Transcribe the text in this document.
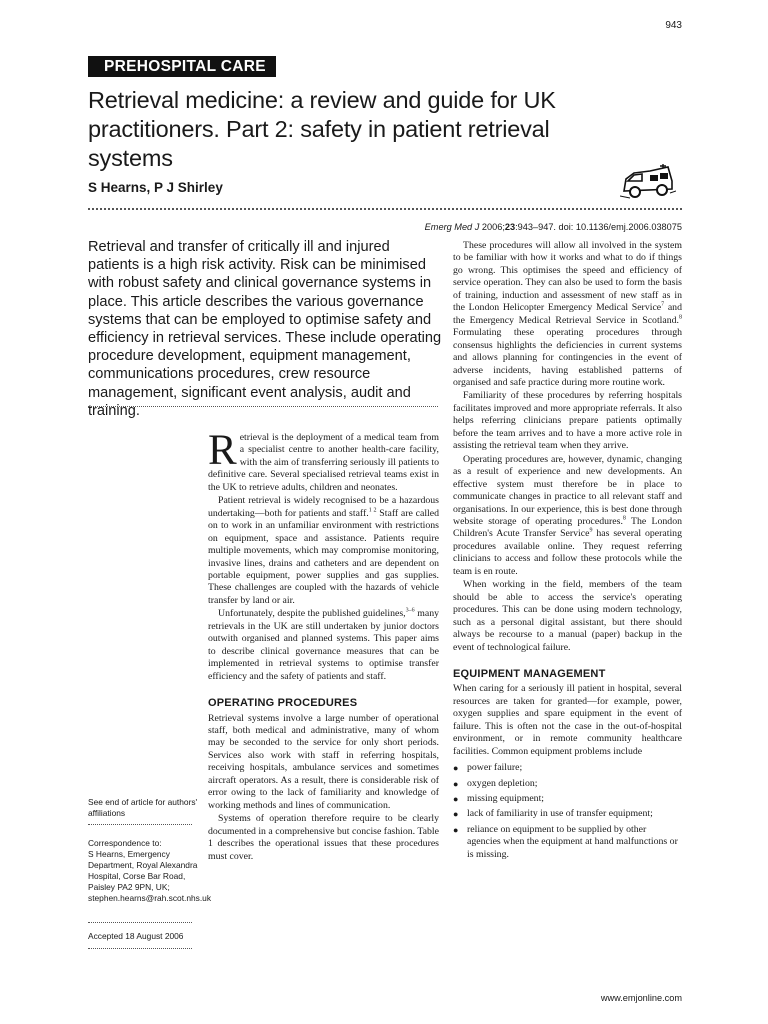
943
PREHOSPITAL CARE
Retrieval medicine: a review and guide for UK practitioners. Part 2: safety in patient retrieval systems
S Hearns, P J Shirley
Emerg Med J 2006;23:943–947. doi: 10.1136/emj.2006.038075
Retrieval and transfer of critically ill and injured patients is a high risk activity. Risk can be minimised with robust safety and clinical governance systems in place. This article describes the various governance systems that can be employed to optimise safety and efficiency in retrieval services. These include operating procedure development, equipment management, communications procedures, crew resource management, significant event analysis, audit and training.

See end of article for authors' affiliations

Correspondence to:

S Hearns, Emergency Department, Royal Alexandra Hospital, Corse Bar Road, Paisley PA2 9PN, UK;

stephen.hearns@rah.scot.nhs.uk

Accepted 18 August 2006

Retrieval is the deployment of a medical team from a specialist centre to another health-care facility, with the aim of transferring seriously ill patients to definitive care. Several specialised retrieval teams exist in the UK to retrieve adults, children and neonates.

Patient retrieval is widely recognised to be a hazardous undertaking—both for patients and staff.$^{1 2}$ Staff are called on to work in an unfamiliar environment with restrictions on equipment, space and assistance. Patients require multiple movements, which may compromise monitoring, invasive lines, drains and catheters and are dependent on portable equipment, power supplies and gas supplies. These challenges are coupled with the hazards of vehicle transfer by land or air.

Unfortunately, despite the published guidelines,$^{3-6}$ many retrievals in the UK are still undertaken by junior doctors outwith organised and planned systems. This paper aims to describe clinical governance measures that can be implemented in retrieval systems to optimise transfer efficiency and the safety of patients and staff.

OPERATING PROCEDURES

Retrieval systems involve a large number of operational staff, both medical and administrative, many of whom may be seconded to the service for only short periods. Services also work with staff in referring hospitals, receiving hospitals, ambulance services and sometimes aircraft operators. As a result, there is considerable risk of error owing to the lack of familiarity and knowledge of working methods and lines of communication.

Systems of operation therefore require to be clearly documented in a comprehensive but concise fashion. Table 1 describes the operational issues that these procedures must cover.

These procedures will allow all involved in the system to be familiar with how it works and what to do if things go wrong. This optimises the speed and efficiency of service operation. They can also be used to form the basis of training, induction and assessment of new staff as in the London Helicopter Emergency Medical Service$^7$ and the Emergency Medical Retrieval Service in Scotland.$^8$ Formulating these operating procedures through consensus highlights the deficiencies in current systems and allows planning for contingencies in the event of adverse incidents, having established patterns of organised and safe practice during more routine work.

Familiarity of these procedures by referring hospitals facilitates improved and more appropriate referrals. It also helps referring clinicians prepare patients optimally before the team arrives and to have a more active role in assisting the retrieval team when they arrive.

Operating procedures are, however, dynamic, changing as a result of experience and new developments. An effective system must therefore be in place to communicate changes in practice to all relevant staff and organisations. In our experience, this is best done through website storage of operating procedures.$^8$ The London Children's Acute Transfer Service$^9$ has several operating procedures available online. They request referring clinicians to access and follow these protocols while the team is en route.

When working in the field, members of the team should be able to access the service's operating procedures. This can be done using modern technology, such as a personal digital assistant, but there should always be recourse to a manual (paper) backup in the event of technological failure.

EQUIPMENT MANAGEMENT

When caring for a seriously ill patient in hospital, several resources are taken for granted—for example, power, oxygen supplies and spare equipment in the event of failure. This is often not the case in the out-of-hospital environment, or in remote community healthcare facilities. Common equipment problems include

● power failure;
● oxygen depletion;
● missing equipment;
● lack of familiarity in use of transfer equipment;
● reliance on equipment to be supplied by other agencies when the equipment at hand malfunctions or is missing.
www.emjonline.com
